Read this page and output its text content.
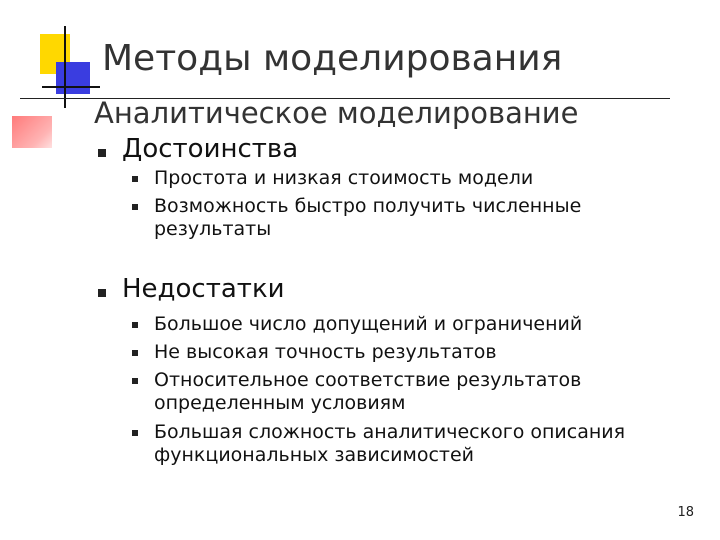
Методы моделирования
Аналитическое моделирование
Достоинства
Простота и низкая стоимость модели
Возможность быстро получить численные
результаты
Недостатки
Большое число допущений и ограничений
Не высокая точность результатов
Относительное соответствие результатов
определенным условиям
Большая сложность аналитического описания
функциональных зависимостей
18
